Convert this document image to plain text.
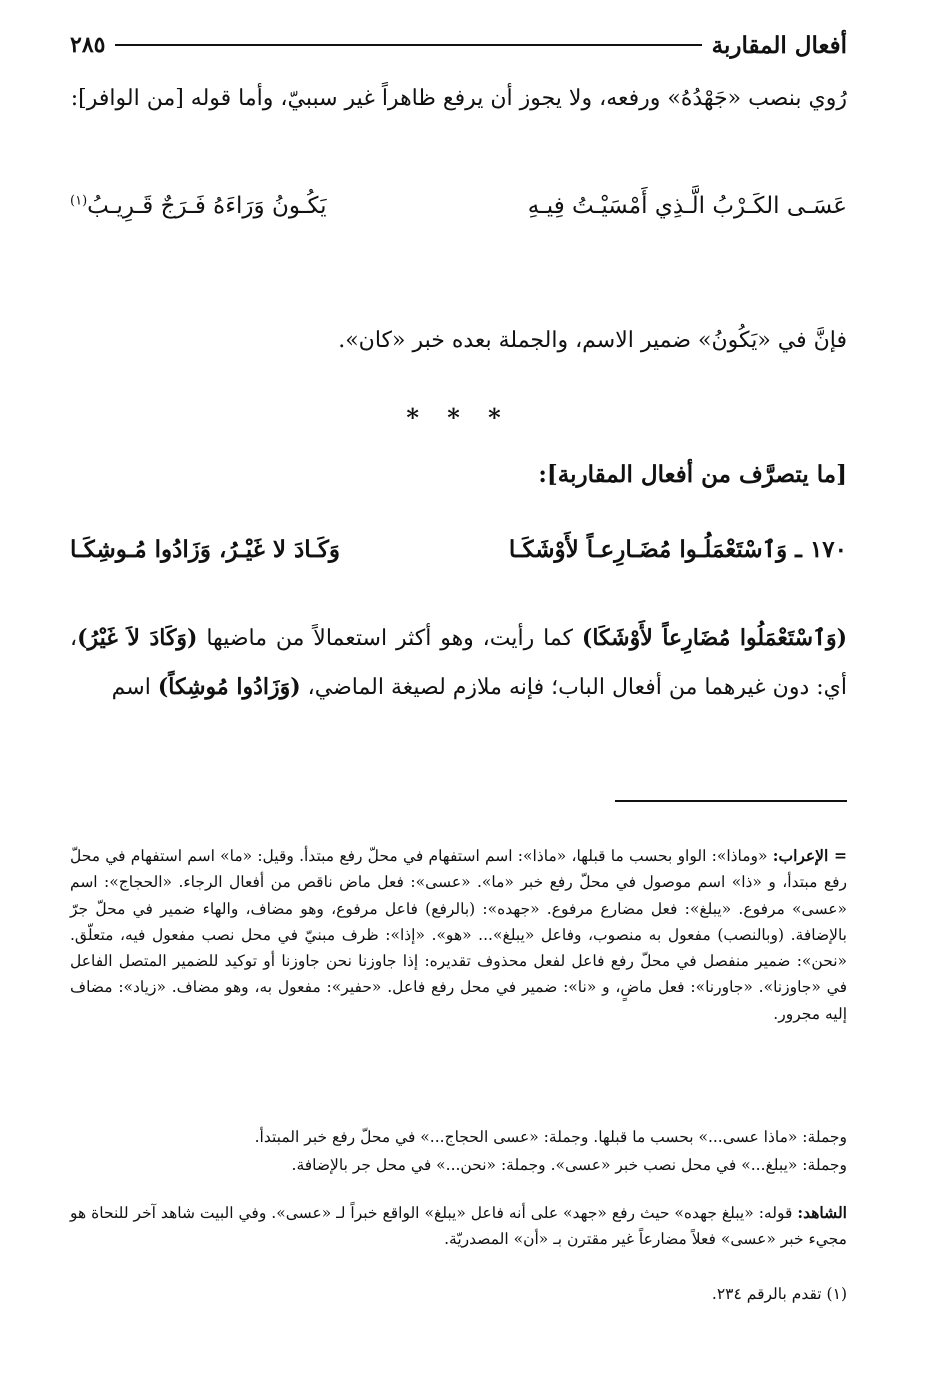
أفعال المقاربة
٢٨٥

رُوي بنصب «جَهْدُهُ» ورفعه، ولا يجوز أن يرفع ظاهراً غير سببيّ، وأما قوله [من الوافر]:

عَسَـى الكَـرْبُ الَّـذِي أَمْسَيْـتُ فِيـهِ
يَكُـونُ وَرَاءَهُ فَـرَجٌ قَـرِيـبُ$^{(١)}$

فإنَّ في «يَكُونُ» ضمير الاسم، والجملة بعده خبر «كان».

* * *
[ما يتصرَّف من أفعال المقاربة]:
١٧٠ ـ وَٱسْتَعْمَلُـوا مُضَـارِعـاً لأَوْشَكَـا
وَكَـادَ لا غَيْـرُ، وَزَادُوا مُـوشِكَـا

(وَٱسْتَعْمَلُوا مُضَارِعاً لأَوْشَكَا) كما رأيت، وهو أكثر استعمالاً من ماضيها (وَكَادَ لاَ غَيْرُ)، أي: دون غيرهما من أفعال الباب؛ فإنه ملازم لصيغة الماضي، (وَزَادُوا مُوشِكاً) اسم

= الإعراب: «وماذا»: الواو بحسب ما قبلها، «ماذا»: اسم استفهام في محلّ رفع مبتدأ. وقيل: «ما» اسم استفهام في محلّ رفع مبتدأ، و «ذا» اسم موصول في محلّ رفع خبر «ما». «عسى»: فعل ماض ناقص من أفعال الرجاء. «الحجاج»: اسم «عسى» مرفوع. «يبلغ»: فعل مضارع مرفوع. «جهده»: (بالرفع) فاعل مرفوع، وهو مضاف، والهاء ضمير في محلّ جرّ بالإضافة. (وبالنصب) مفعول به منصوب، وفاعل «يبلغ»... «هو». «إذا»: ظرف مبنيّ في محل نصب مفعول فيه، متعلّق. «نحن»: ضمير منفصل في محلّ رفع فاعل لفعل محذوف تقديره: إذا جاوزنا نحن جاوزنا أو توكيد للضمير المتصل الفاعل في «جاوزنا». «جاورنا»: فعل ماضٍ، و «نا»: ضمير في محل رفع فاعل. «حفير»: مفعول به، وهو مضاف. «زياد»: مضاف إليه مجرور.

وجملة: «ماذا عسى...» بحسب ما قبلها. وجملة: «عسى الحجاج...» في محلّ رفع خبر المبتدأ.

وجملة: «يبلغ...» في محل نصب خبر «عسى». وجملة: «نحن...» في محل جر بالإضافة.

الشاهد: قوله: «يبلغ جهده» حيث رفع «جهد» على أنه فاعل «يبلغ» الواقع خبراً لـ «عسى». وفي البيت شاهد آخر للنحاة هو مجيء خبر «عسى» فعلاً مضارعاً غير مقترن بـ «أن» المصدريّة.

(١) تقدم بالرقم ٢٣٤.
